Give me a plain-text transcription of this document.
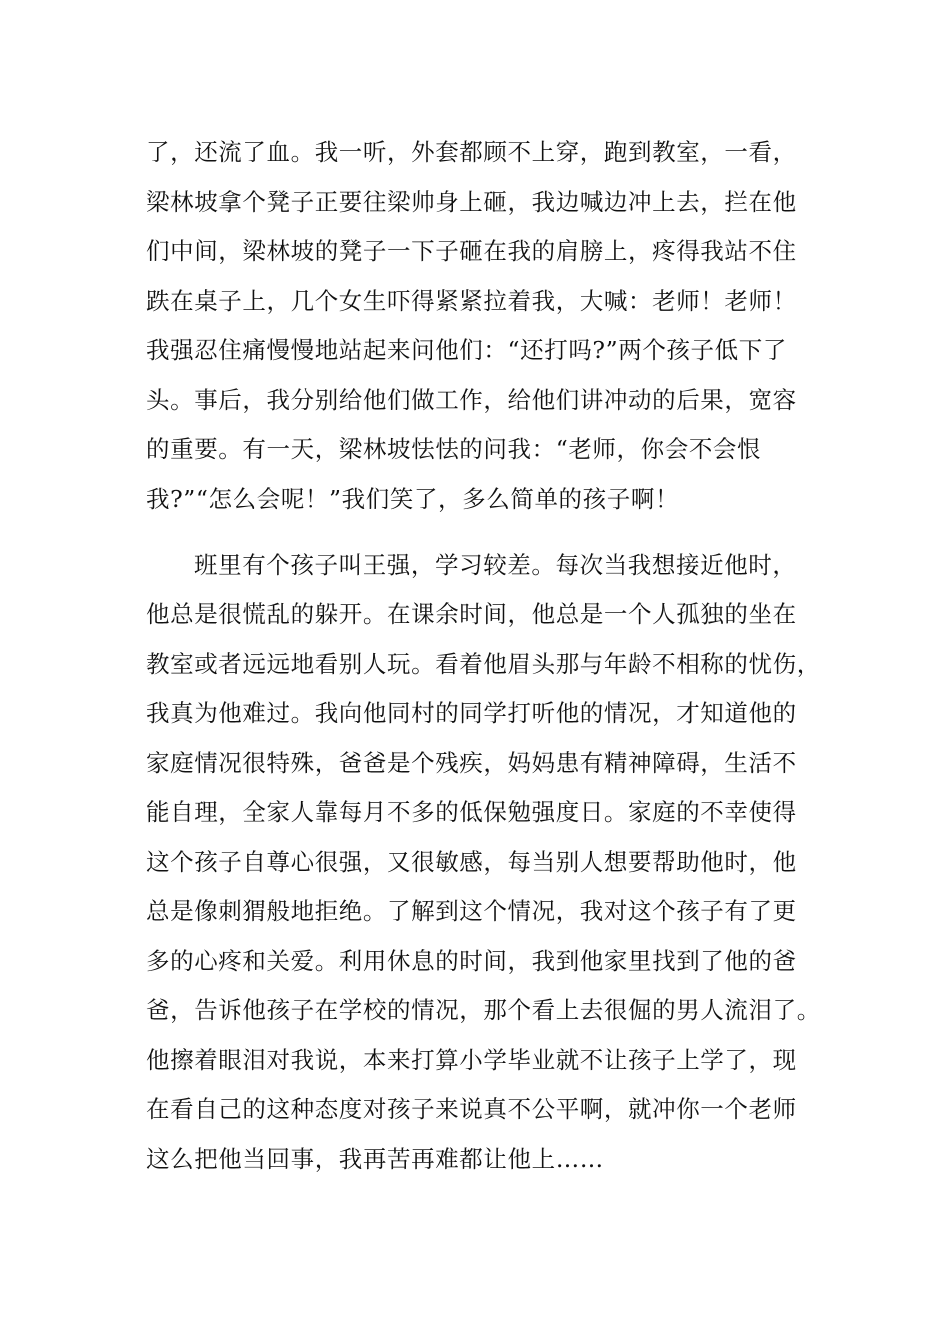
了，还流了血。我一听，外套都顾不上穿，跑到教室，一看，
梁林坡拿个凳子正要往梁帅身上砸，我边喊边冲上去，拦在他
们中间，梁林坡的凳子一下子砸在我的肩膀上，疼得我站不住
跌在桌子上，几个女生吓得紧紧拉着我，大喊：老师！老师！
我强忍住痛慢慢地站起来问他们：“还打吗?”两个孩子低下了
头。事后，我分别给他们做工作，给他们讲冲动的后果，宽容
的重要。有一天，梁林坡怯怯的问我：“老师，你会不会恨
我?”“怎么会呢！”我们笑了，多么简单的孩子啊！
班里有个孩子叫王强，学习较差。每次当我想接近他时，
他总是很慌乱的躲开。在课余时间，他总是一个人孤独的坐在
教室或者远远地看别人玩。看着他眉头那与年龄不相称的忧伤，
我真为他难过。我向他同村的同学打听他的情况，才知道他的
家庭情况很特殊，爸爸是个残疾，妈妈患有精神障碍，生活不
能自理，全家人靠每月不多的低保勉强度日。家庭的不幸使得
这个孩子自尊心很强，又很敏感，每当别人想要帮助他时，他
总是像刺猬般地拒绝。了解到这个情况，我对这个孩子有了更
多的心疼和关爱。利用休息的时间，我到他家里找到了他的爸
爸，告诉他孩子在学校的情况，那个看上去很倔的男人流泪了。
他擦着眼泪对我说，本来打算小学毕业就不让孩子上学了，现
在看自己的这种态度对孩子来说真不公平啊，就冲你一个老师
这么把他当回事，我再苦再难都让他上……
